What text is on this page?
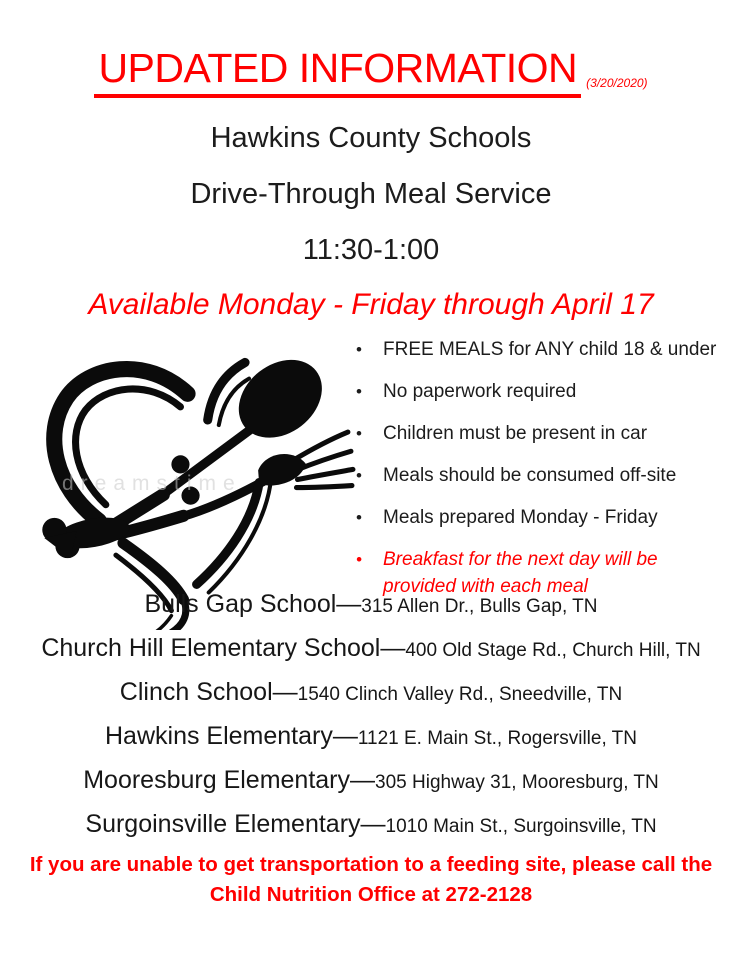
UPDATED INFORMATION (3/20/2020)
Hawkins County Schools
Drive-Through Meal Service
11:30-1:00
Available Monday - Friday through April 17
dreamstime
•	FREE MEALS for ANY child 18 & under
•	No paperwork required
•	Children must be present in car
•	Meals should be consumed off-site
•	Meals prepared Monday - Friday
•	Breakfast for the next day will be provided with each meal
Bulls Gap School—315 Allen Dr., Bulls Gap, TN
Church Hill Elementary School—400 Old Stage Rd., Church Hill, TN
Clinch School—1540 Clinch Valley Rd., Sneedville, TN
Hawkins Elementary—1121 E. Main St., Rogersville, TN
Mooresburg Elementary—305 Highway 31, Mooresburg, TN
Surgoinsville Elementary—1010 Main St., Surgoinsville, TN
If you are unable to get transportation to a feeding site, please call the
Child Nutrition Office at 272-2128
